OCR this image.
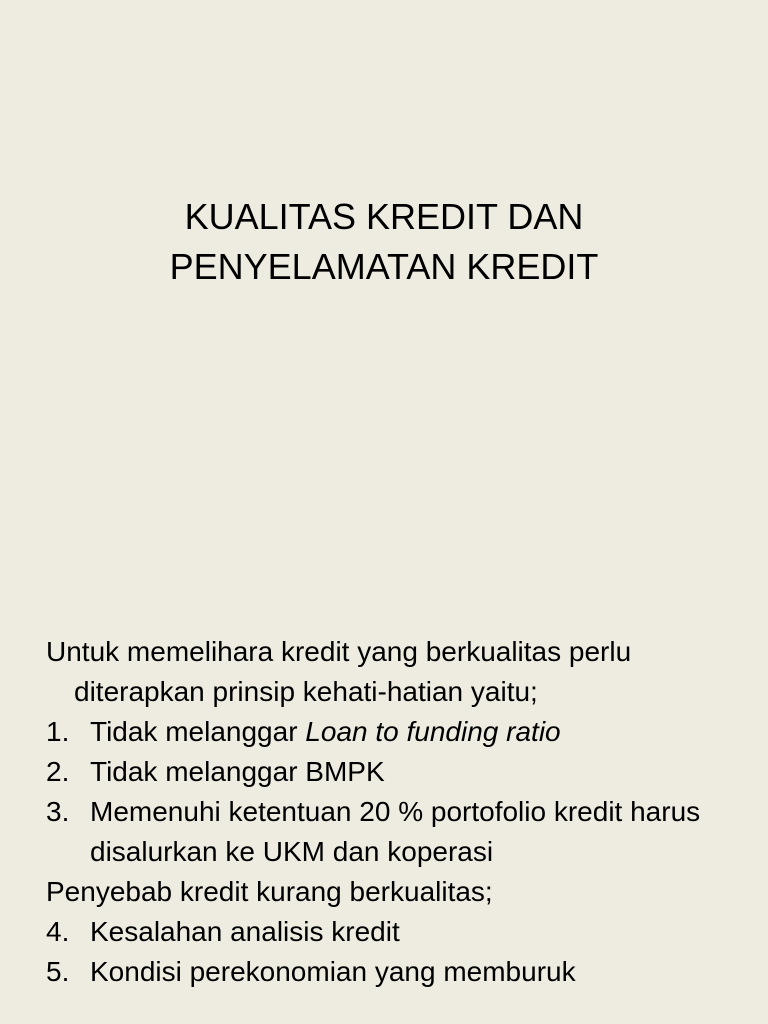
KUALITAS KREDIT DAN
PENYELAMATAN KREDIT

Untuk memelihara kredit yang berkualitas perlu diterapkan prinsip kehati-hatian yaitu;

1. Tidak melanggar Loan to funding ratio

2. Tidak melanggar BMPK

3. Memenuhi ketentuan 20 % portofolio kredit harus disalurkan ke UKM dan koperasi

Penyebab kredit kurang berkualitas;

4. Kesalahan analisis kredit

5. Kondisi perekonomian yang memburuk
